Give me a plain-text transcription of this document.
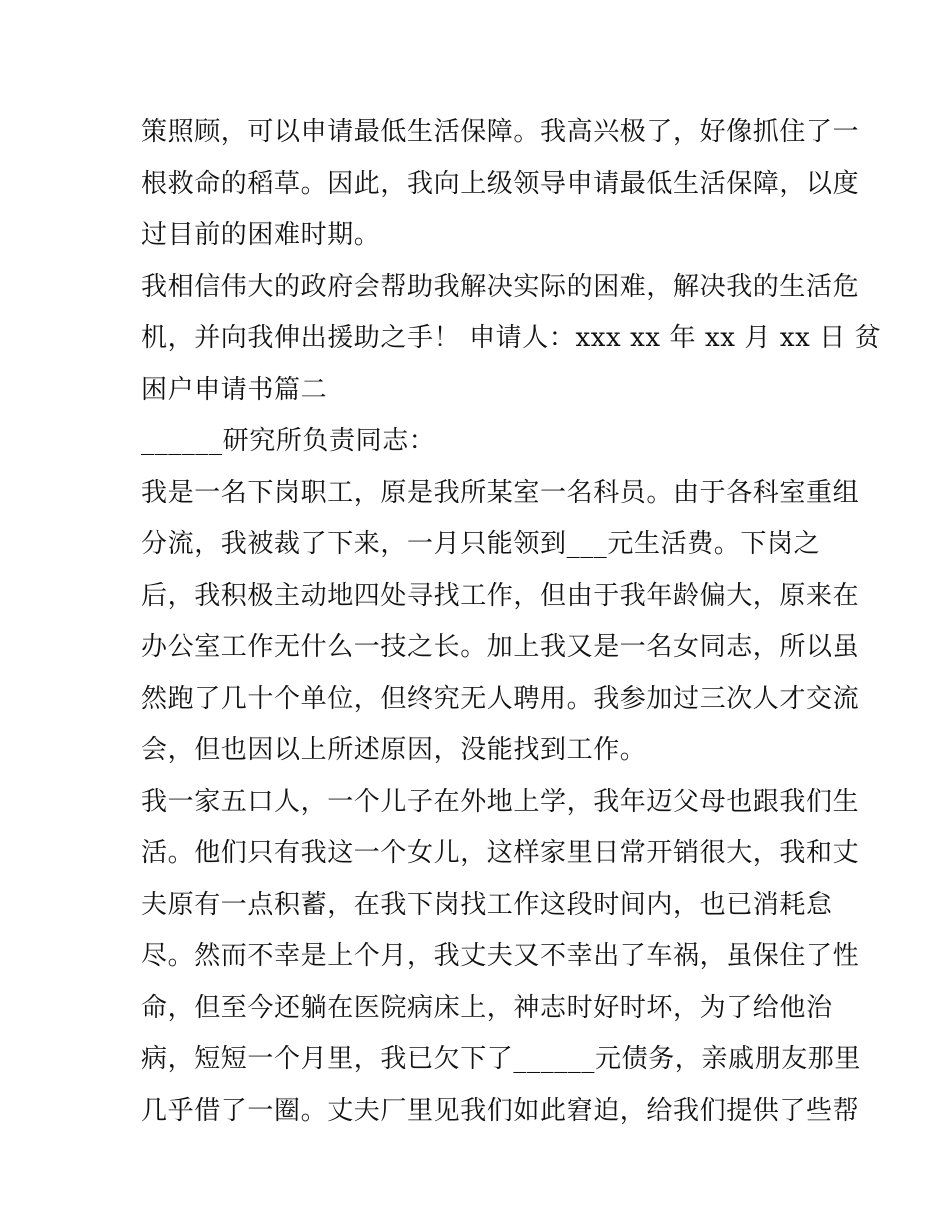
策照顾，可以申请最低生活保障。我高兴极了，好像抓住了一
根救命的稻草。因此，我向上级领导申请最低生活保障，以度
过目前的困难时期。
我相信伟大的政府会帮助我解决实际的困难，解决我的生活危
机，并向我伸出援助之手！ 申请人：xxx xx 年 xx 月 xx 日 贫
困户申请书篇二
______研究所负责同志：
我是一名下岗职工，原是我所某室一名科员。由于各科室重组
分流，我被裁了下来，一月只能领到___元生活费。下岗之
后，我积极主动地四处寻找工作，但由于我年龄偏大，原来在
办公室工作无什么一技之长。加上我又是一名女同志，所以虽
然跑了几十个单位，但终究无人聘用。我参加过三次人才交流
会，但也因以上所述原因，没能找到工作。
我一家五口人，一个儿子在外地上学，我年迈父母也跟我们生
活。他们只有我这一个女儿，这样家里日常开销很大，我和丈
夫原有一点积蓄，在我下岗找工作这段时间内，也已消耗怠
尽。然而不幸是上个月，我丈夫又不幸出了车祸，虽保住了性
命，但至今还躺在医院病床上，神志时好时坏，为了给他治
病，短短一个月里，我已欠下了______元债务，亲戚朋友那里
几乎借了一圈。丈夫厂里见我们如此窘迫，给我们提供了些帮
